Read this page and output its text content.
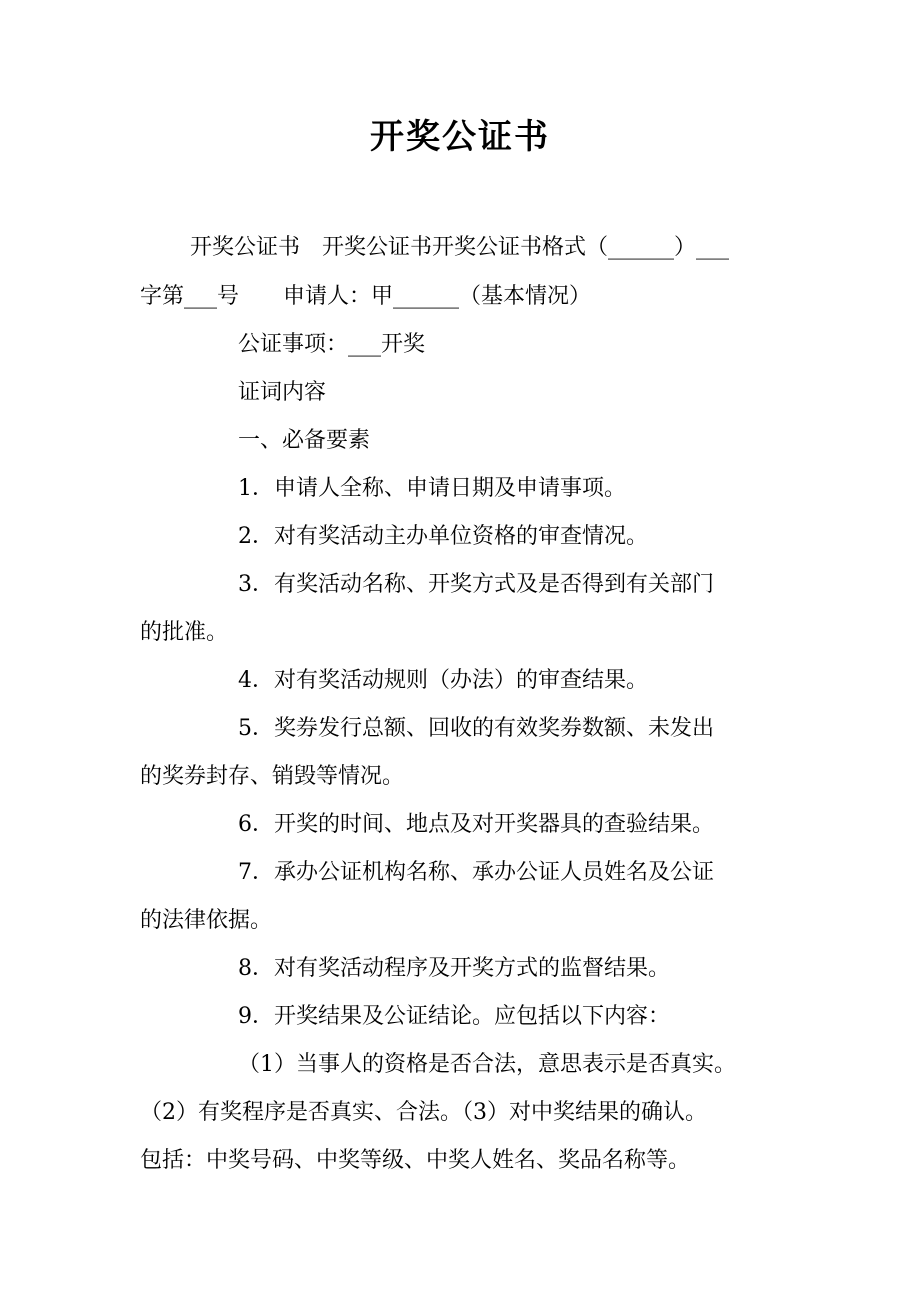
开奖公证书
开奖公证书　开奖公证书开奖公证书格式（______）___
字第___号　　申请人：甲______（基本情况）
公证事项：___开奖
证词内容
一、必备要素
1．申请人全称、申请日期及申请事项。
2．对有奖活动主办单位资格的审查情况。
3．有奖活动名称、开奖方式及是否得到有关部门
的批准。
4．对有奖活动规则（办法）的审查结果。
5．奖券发行总额、回收的有效奖券数额、未发出
的奖券封存、销毁等情况。
6．开奖的时间、地点及对开奖器具的查验结果。
7．承办公证机构名称、承办公证人员姓名及公证
的法律依据。
8．对有奖活动程序及开奖方式的监督结果。
9．开奖结果及公证结论。应包括以下内容：
（1）当事人的资格是否合法，意思表示是否真实。
（2）有奖程序是否真实、合法。（3）对中奖结果的确认。
包括：中奖号码、中奖等级、中奖人姓名、奖品名称等。
